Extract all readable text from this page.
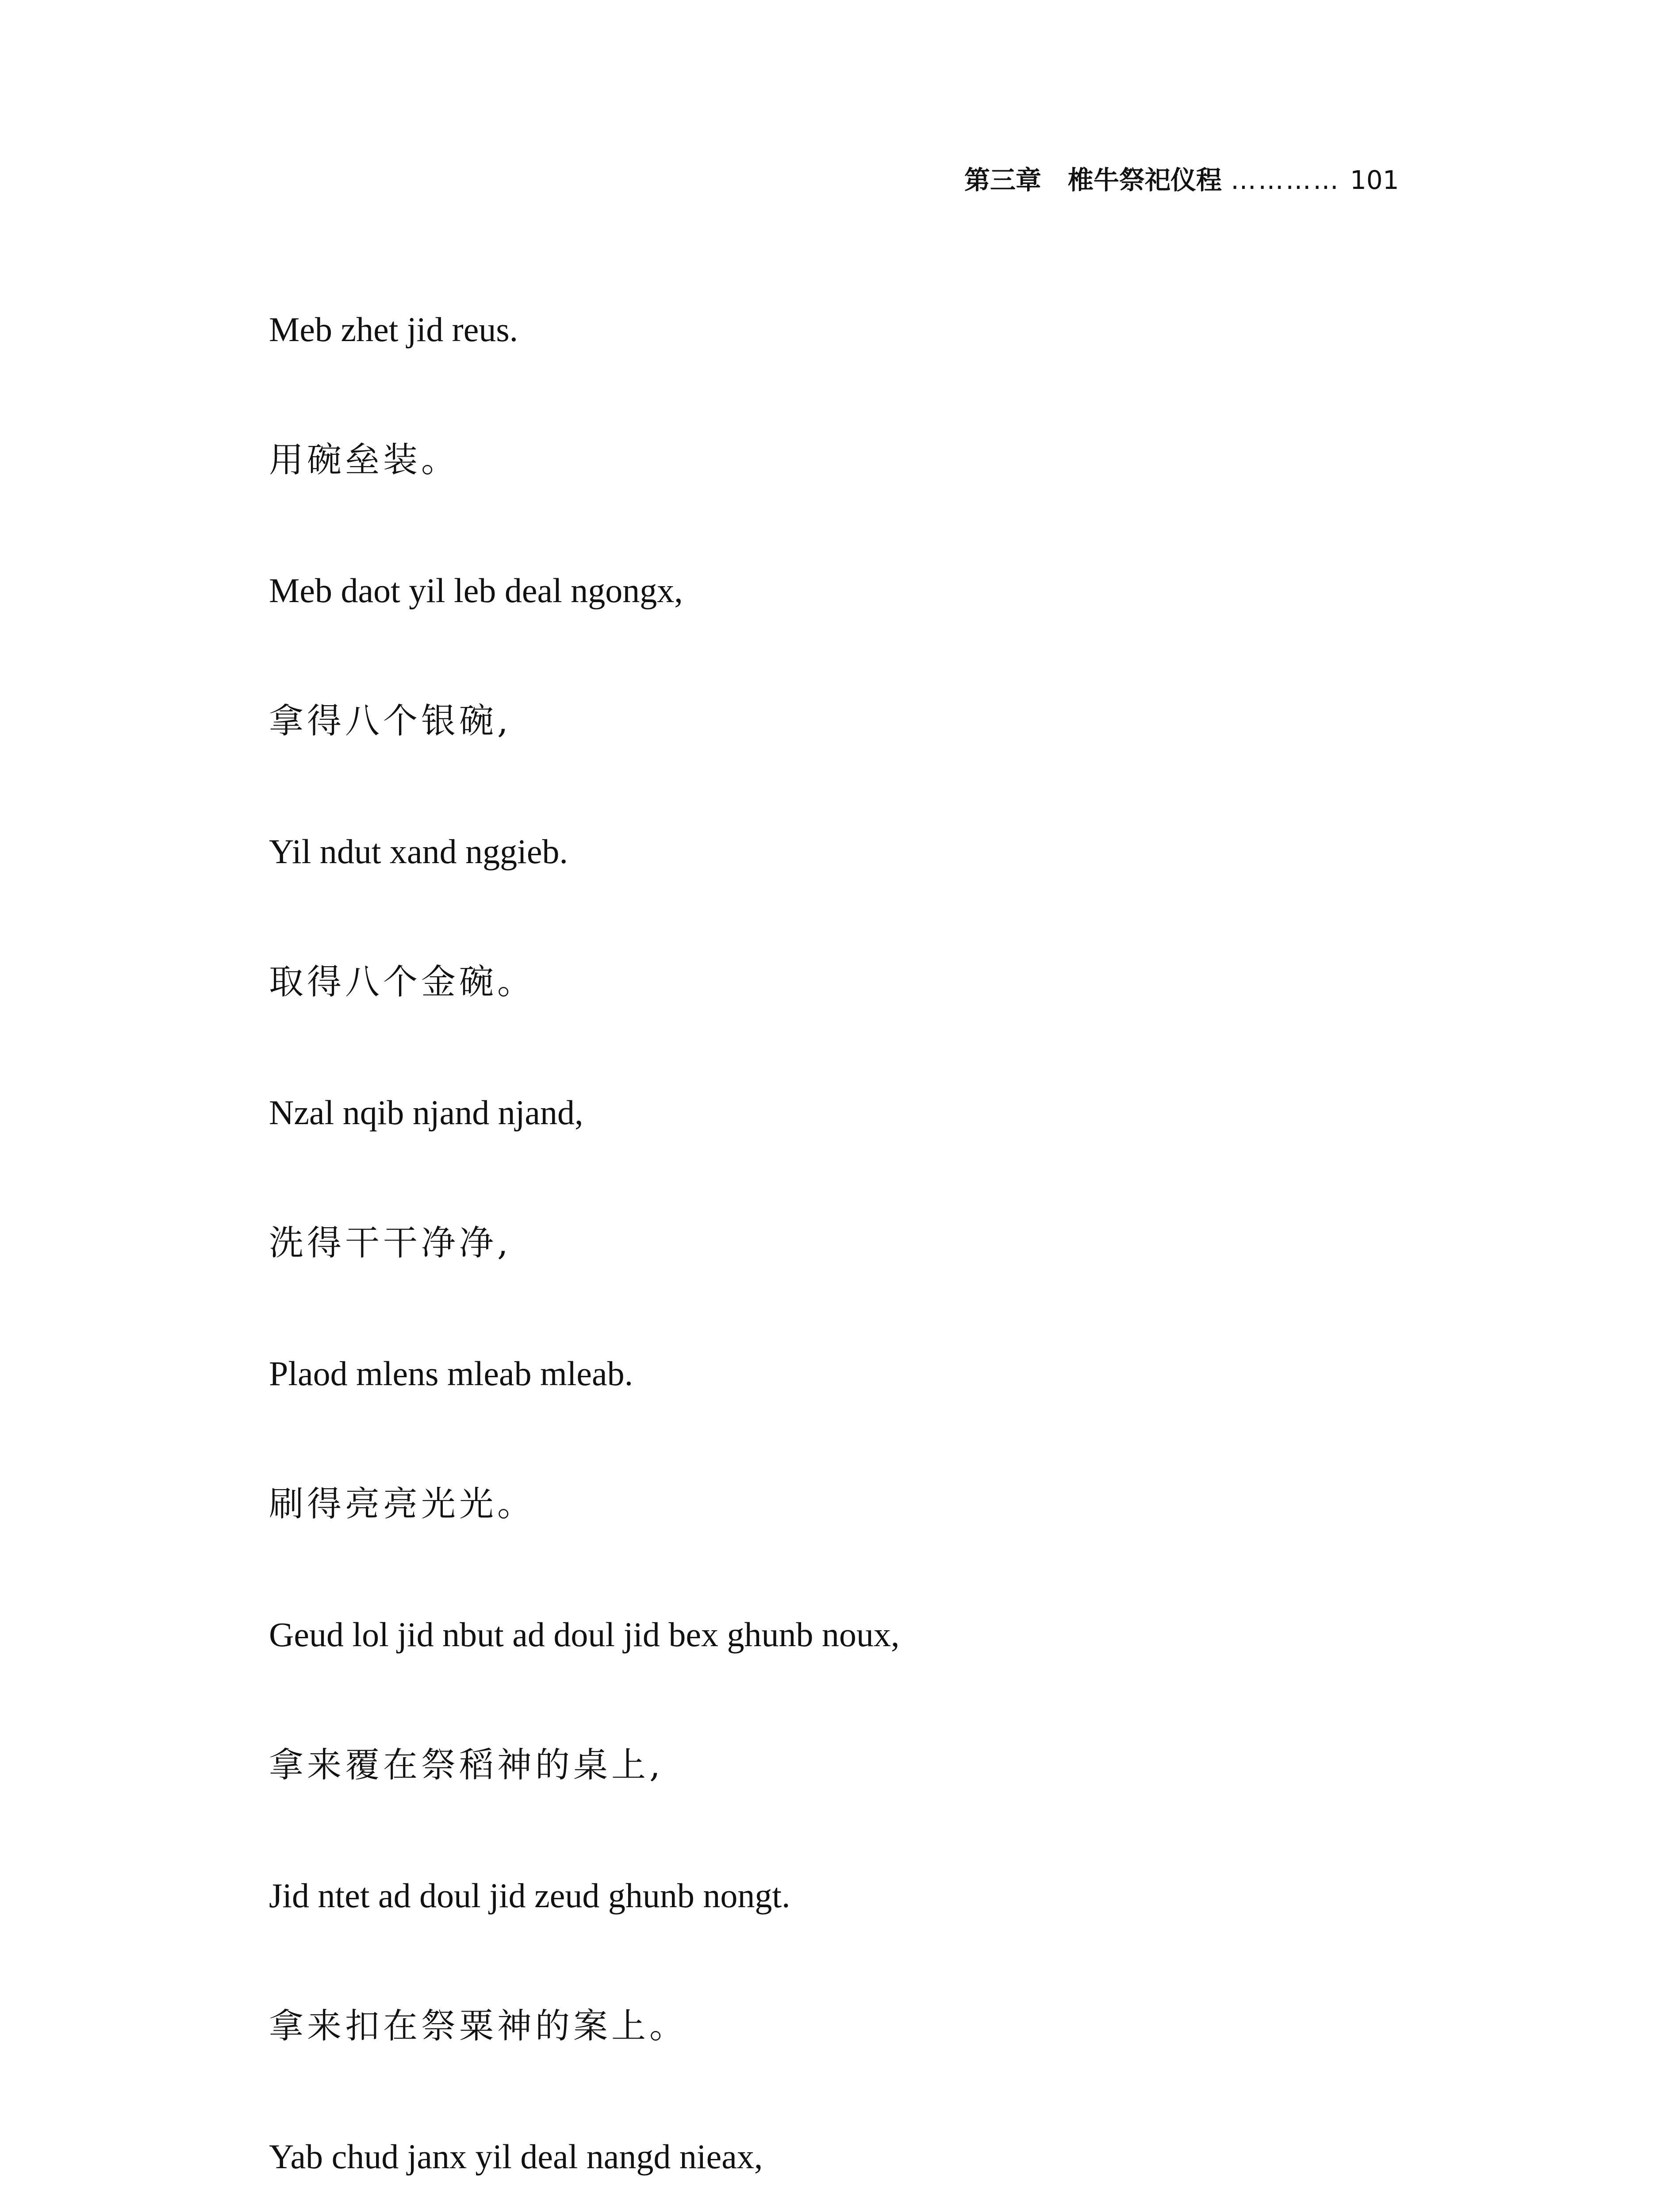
第三章 椎牛祭祀仪程 ………… 101
Meb zhet jid reus.
用碗垒装。
Meb daot yil leb deal ngongx,
拿得八个银碗,
Yil ndut xand nggieb.
取得八个金碗。
Nzal nqib njand njand,
洗得干干净净,
Plaod mlens mleab mleab.
刷得亮亮光光。
Geud lol jid nbut ad doul jid bex ghunb noux,
拿来覆在祭稻神的桌上,
Jid ntet ad doul jid zeud ghunb nongt.
拿来扣在祭粟神的案上。
Yab chud janx yil deal nangd nieax,
